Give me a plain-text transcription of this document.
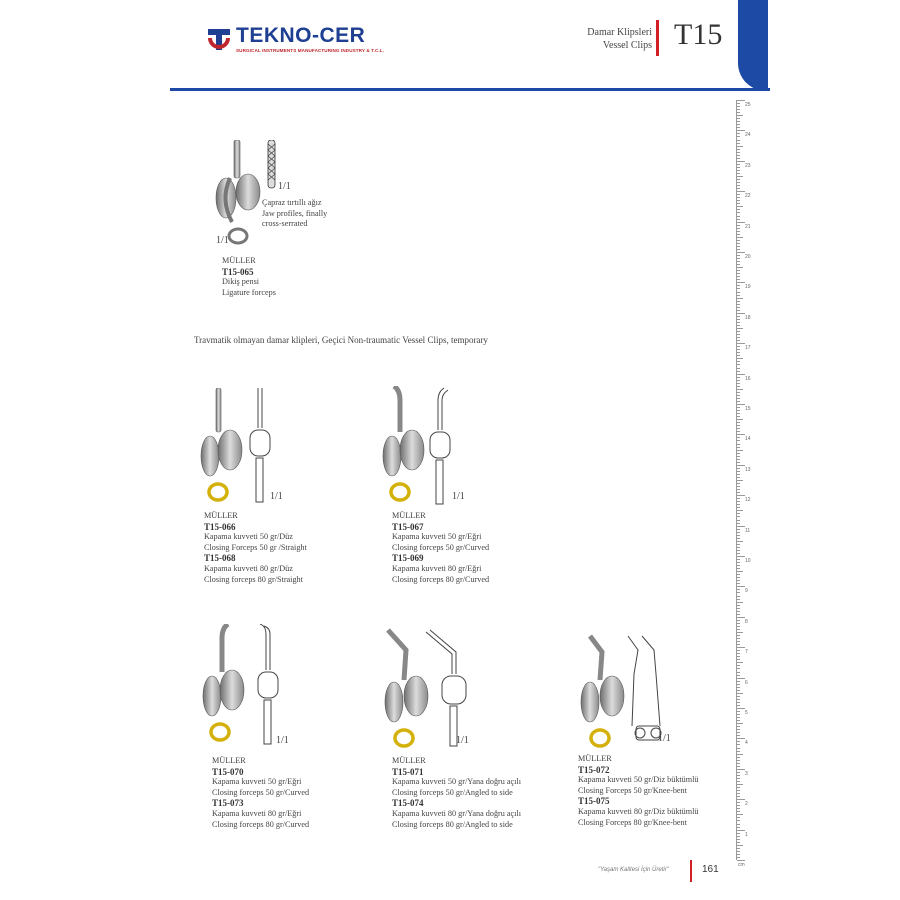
TEKNO-CER
SURGICAL INSTRUMENTS MANUFACTURING INDUSTRY & T.C.L.
Damar Klipsleri
Vessel Clips T15
25
24
23
22
21
20
19
18
17
16
15
14
13
12
11
10
9
8
7
6
5
4
3
2
1
cm
1/1
1/1
Çapraz tırtıllı ağız
Jaw profiles, finally
cross-serrated
MÜLLER
T15-065
Dikiş pensi
Ligature forceps
Travmatik olmayan damar klipleri, Geçici Non-traumatic Vessel Clips, temporary
1/1	1/1
1/1	1/1	1/1
MÜLLER
T15-066
Kapama kuvveti 50 gr/Düz
Closing Forceps 50 gr /Straight
T15-068
Kapama kuvveti 80 gr/Düz
Closing forceps 80 gr/Straight
MÜLLER
T15-067
Kapama kuvveti 50 gr/Eğri
Closing forceps 50 gr/Curved
T15-069
Kapama kuvveti 80 gr/Eğri
Closing forceps 80 gr/Curved
MÜLLER
T15-070
Kapama kuvveti 50 gr/Eğri
Closing forceps 50 gr/Curved
T15-073
Kapama kuvveti 80 gr/Eğri
Closing forceps 80 gr/Curved
MÜLLER
T15-071
Kapama kuvveti 50 gr/Yana doğru açılı
Closing forceps 50 gr/Angled to side
T15-074
Kapama kuvveti 80 gr/Yana doğru açılı
Closing forceps 80 gr/Angled to side
MÜLLER
T15-072
Kapama kuvveti 50 gr/Diz büktümlü
Closing Forceps 50 gr/Knee-bent
T15-075
Kapama kuvveti 80 gr/Diz büktümlü
Closing Forceps 80 gr/Knee-bent
"Yaşam Kalitesi İçin Üretir"	161
